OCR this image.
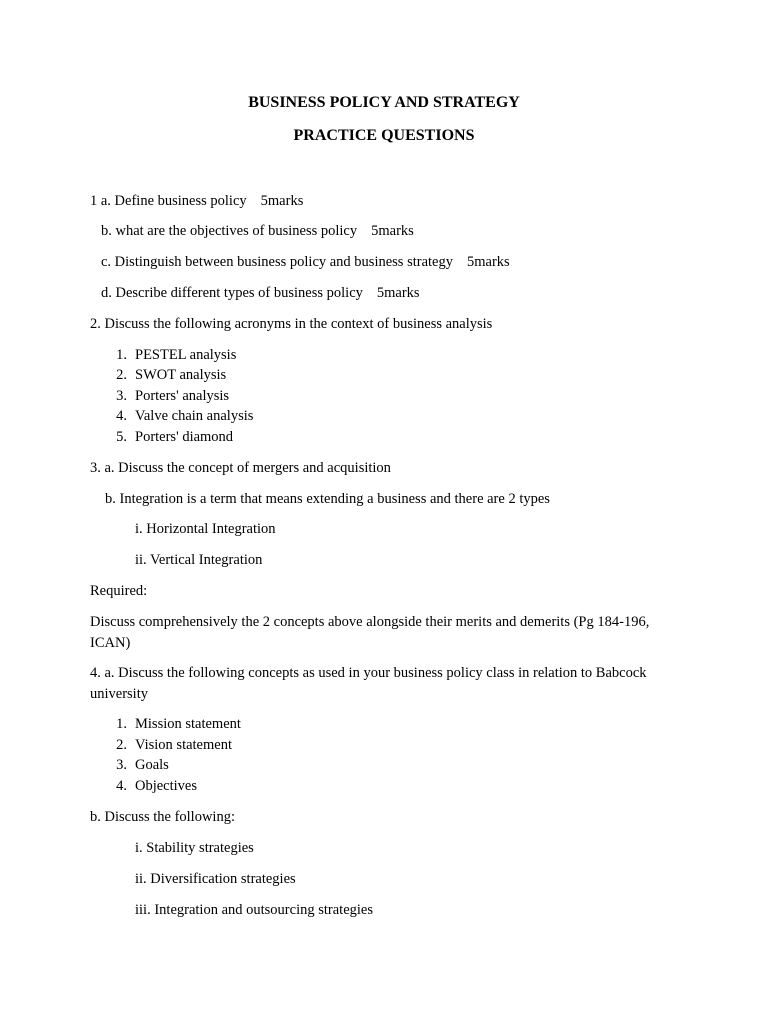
BUSINESS POLICY AND STRATEGY
PRACTICE QUESTIONS
1 a. Define business policy 5marks
b. what are the objectives of business policy 5marks
c. Distinguish between business policy and business strategy 5marks
d. Describe different types of business policy 5marks
2. Discuss the following acronyms in the context of business analysis
1. PESTEL analysis
2. SWOT analysis
3. Porters' analysis
4. Valve chain analysis
5. Porters' diamond
3. a. Discuss the concept of mergers and acquisition
b. Integration is a term that means extending a business and there are 2 types
i. Horizontal Integration
ii. Vertical Integration
Required:
Discuss comprehensively the 2 concepts above alongside their merits and demerits (Pg 184-196, ICAN)
4. a. Discuss the following concepts as used in your business policy class in relation to Babcock university
1. Mission statement
2. Vision statement
3. Goals
4. Objectives
b. Discuss the following:
i. Stability strategies
ii. Diversification strategies
iii. Integration and outsourcing strategies
